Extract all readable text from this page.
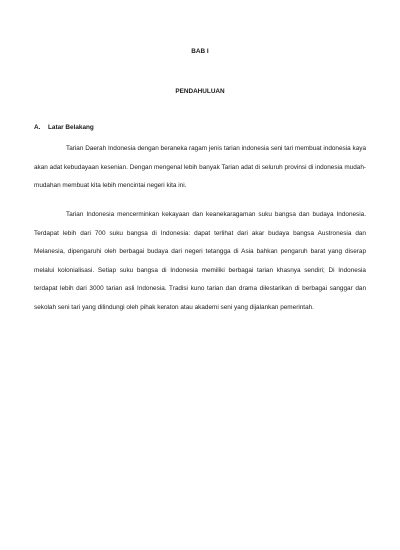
BAB I
PENDAHULUAN
A. Latar Belakang

Tarian Daerah Indonesia dengan beraneka ragam jenis tarian indonesia seni tari membuat indonesia kaya akan adat kebudayaan kesenian. Dengan mengenal lebih banyak Tarian adat di seluruh provinsi di indonesia mudah-mudahan membuat kita lebih mencintai negeri kita ini.

Tarian Indonesia mencerminkan kekayaan dan keanekaragaman suku bangsa dan budaya Indonesia. Terdapat lebih dari 700 suku bangsa di Indonesia: dapat terlihat dari akar budaya bangsa Austronesia dan Melanesia, dipengaruhi oleh berbagai budaya dari negeri tetangga di Asia bahkan pengaruh barat yang diserap melalui kolonialisasi. Setiap suku bangsa di Indonesia memiliki berbagai tarian khasnya sendiri; Di Indonesia terdapat lebih dari 3000 tarian asli Indonesia. Tradisi kuno tarian dan drama dilestarikan di berbagai sanggar dan sekolah seni tari yang dilindungi oleh pihak keraton atau akademi seni yang dijalankan pemerintah.
